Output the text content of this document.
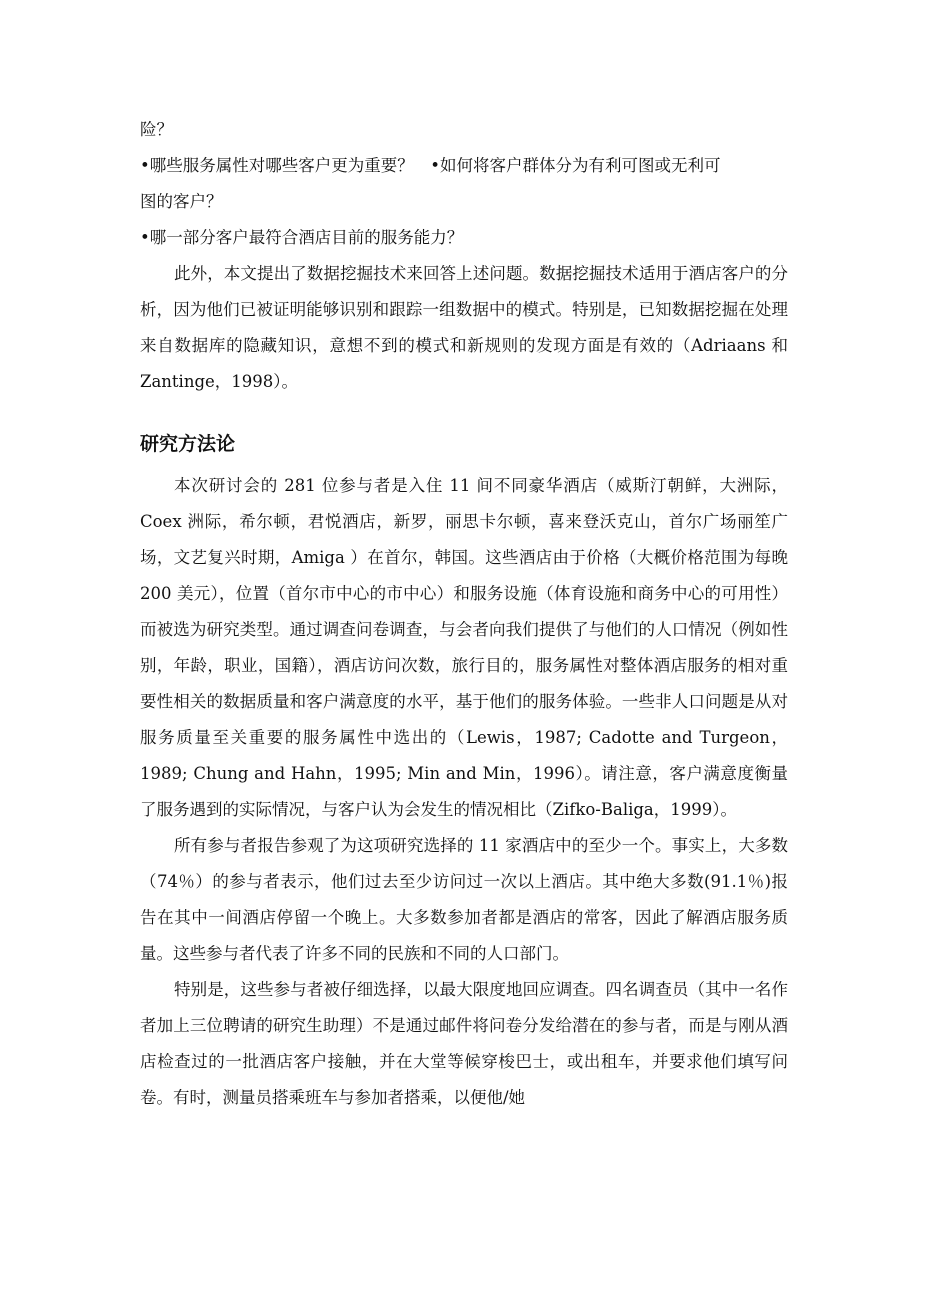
险？
•哪些服务属性对哪些客户更为重要？　•如何将客户群体分为有利可图或无利可
图的客户？
•哪一部分客户最符合酒店目前的服务能力？

此外，本文提出了数据挖掘技术来回答上述问题。数据挖掘技术适用于酒店客户的分析，因为他们已被证明能够识别和跟踪一组数据中的模式。特别是，已知数据挖掘在处理来自数据库的隐藏知识，意想不到的模式和新规则的发现方面是有效的（Adriaans 和 Zantinge，1998）。

研究方法论

本次研讨会的 281 位参与者是入住 11 间不同豪华酒店（威斯汀朝鲜，大洲际，Coex 洲际，希尔顿，君悦酒店，新罗，丽思卡尔顿，喜来登沃克山，首尔广场丽笙广场，文艺复兴时期，Amiga ）在首尔，韩国。这些酒店由于价格（大概价格范围为每晚 200 美元），位置（首尔市中心的市中心）和服务设施（体育设施和商务中心的可用性）而被选为研究类型。通过调查问卷调查，与会者向我们提供了与他们的人口情况（例如性别，年龄，职业，国籍），酒店访问次数，旅行目的，服务属性对整体酒店服务的相对重要性相关的数据质量和客户满意度的水平，基于他们的服务体验。一些非人口问题是从对服务质量至关重要的服务属性中选出的（Lewis，1987; Cadotte and Turgeon，1989; Chung and Hahn，1995; Min and Min，1996）。请注意，客户满意度衡量了服务遇到的实际情况，与客户认为会发生的情况相比（Zifko-Baliga，1999）。

所有参与者报告参观了为这项研究选择的 11 家酒店中的至少一个。事实上，大多数（74％）的参与者表示，他们过去至少访问过一次以上酒店。其中绝大多数(91.1％)报告在其中一间酒店停留一个晚上。大多数参加者都是酒店的常客，因此了解酒店服务质量。这些参与者代表了许多不同的民族和不同的人口部门。

特别是，这些参与者被仔细选择，以最大限度地回应调查。四名调查员（其中一名作者加上三位聘请的研究生助理）不是通过邮件将问卷分发给潜在的参与者，而是与刚从酒店检查过的一批酒店客户接触，并在大堂等候穿梭巴士，或出租车，并要求他们填写问卷。有时，测量员搭乘班车与参加者搭乘，以便他/她
